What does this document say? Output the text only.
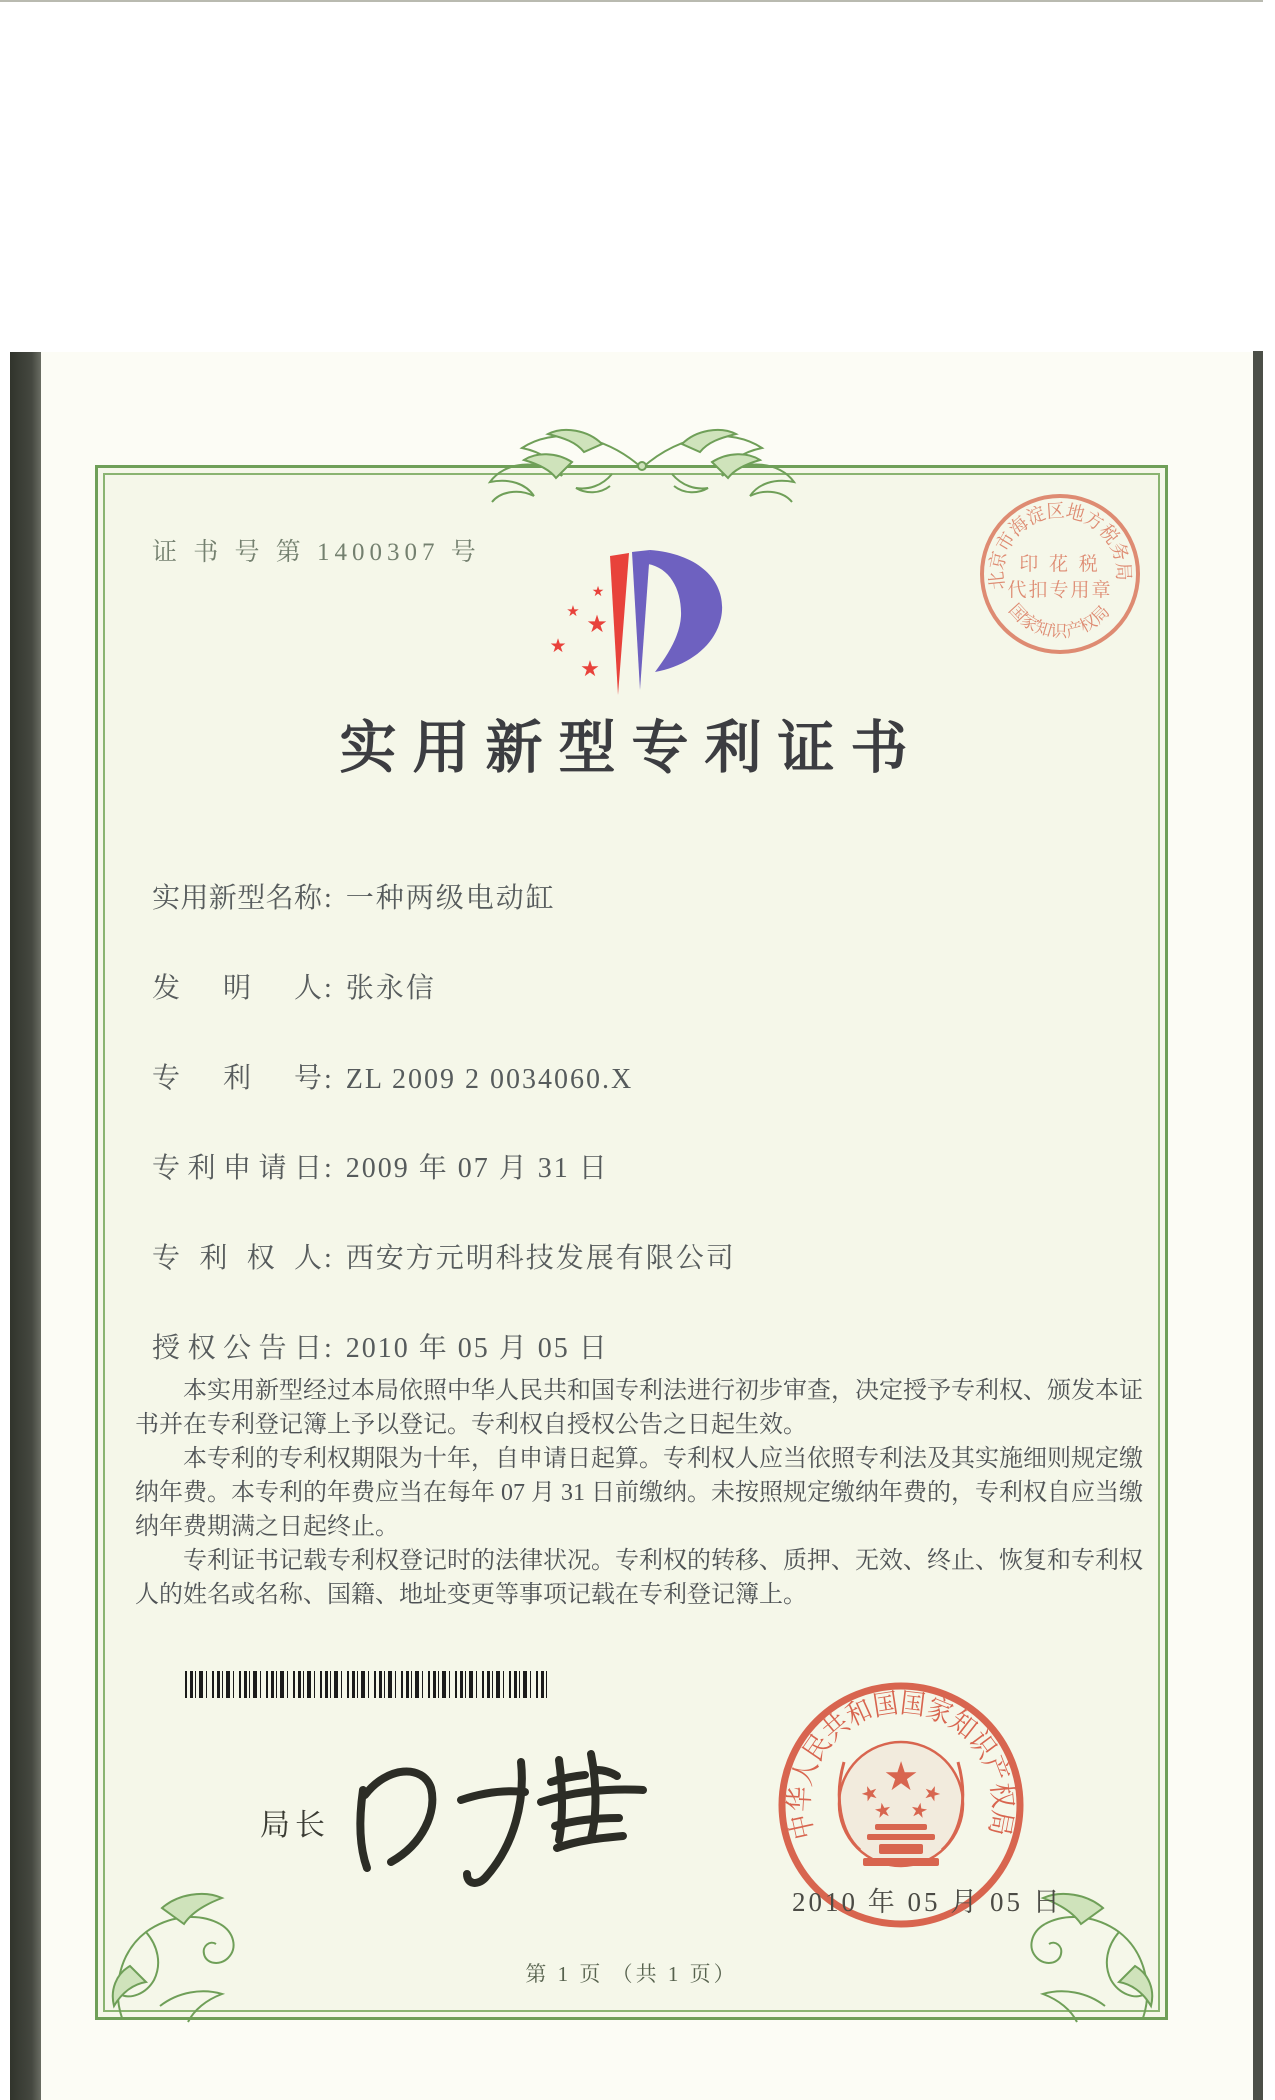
证 书 号 第 1400307 号
★
★ ★
★
★
实用新型专利证书
实用新型名称: 一种两级电动缸
发明人: 张永信
专利号: ZL 2009 2 0034060.X
专利申请日: 2009 年 07 月 31 日
专利权人: 西安方元明科技发展有限公司
授权公告日: 2010 年 05 月 05 日

本实用新型经过本局依照中华人民共和国专利法进行初步审查，决定授予专利权、颁发本证书并在专利登记簿上予以登记。专利权自授权公告之日起生效。

本专利的专利权期限为十年，自申请日起算。专利权人应当依照专利法及其实施细则规定缴纳年费。本专利的年费应当在每年 07 月 31 日前缴纳。未按照规定缴纳年费的，专利权自应当缴纳年费期满之日起终止。

专利证书记载专利权登记时的法律状况。专利权的转移、质押、无效、终止、恢复和专利权人的姓名或名称、国籍、地址变更等事项记载在专利登记簿上。

局长	中华人民共和国国家知识产权局
★
★ ★
★ ★
2010 年 05 月 05 日
北京市海淀区地方税务局
印 花 税
代扣专用章
国家知识产权局
第 1 页 （共 1 页）
